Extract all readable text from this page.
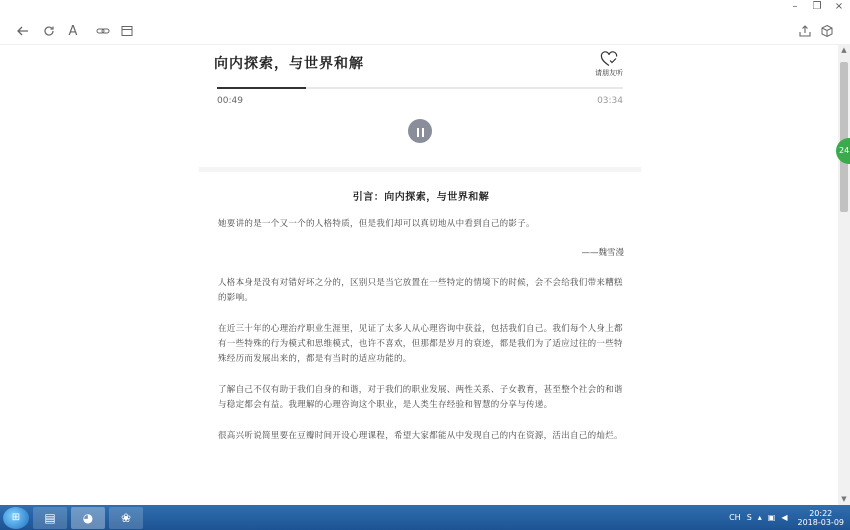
–	❐	×
A
向内探索，与世界和解
请朋友听
00:49	03:34
引言：向内探索，与世界和解

她要讲的是一个又一个的人格特质，但是我们却可以真切地从中看到自己的影子。

——魏雪漫

人格本身是没有对错好坏之分的，区别只是当它放置在一些特定的情境下的时候，会不会给我们带来糟糕的影响。

在近三十年的心理治疗职业生涯里，见证了太多人从心理咨询中获益，包括我们自己。我们每个人身上都有一些特殊的行为模式和思维模式，也许不喜欢，但那都是岁月的衰迹，都是我们为了适应过往的一些特殊经历而发展出来的，都是有当时的适应功能的。

了解自己不仅有助于我们自身的和谐，对于我们的职业发展、两性关系、子女教育，甚至整个社会的和谐与稳定都会有益。我理解的心理咨询这个职业，是人类生存经验和智慧的分享与传递。

很高兴听说简里要在豆瓣时间开设心理课程，希望大家都能从中发现自己的内在资源，活出自己的灿烂。

▲
▼
24
⊞ ▤ ◕ ❀	CH S ▴ ▣ ◀	20:22
2018-03-09
